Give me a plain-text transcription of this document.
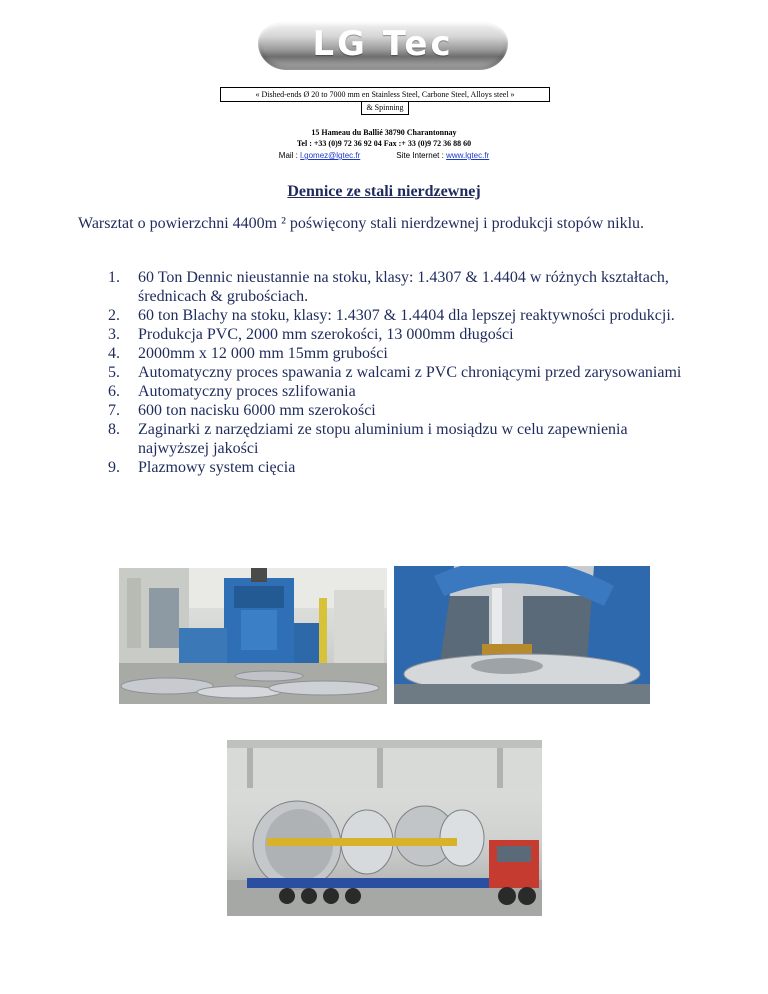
LG Tec
« Dished-ends Ø 20 to 7000 mm en Stainless Steel, Carbone Steel, Alloys steel »
& Spinning
15 Hameau du Ballié 38790 Charantonnay
Tel : +33 (0)9 72 36 92 04 Fax :+ 33 (0)9 72 36 88 60
Mail : l.gomez@lgtec.fr	Site Internet : www.lgtec.fr
Dennice ze stali nierdzewnej
Warsztat o powierzchni 4400m ² poświęcony stali nierdzewnej i produkcji stopów niklu.
1. 60 Ton Dennic nieustannie na stoku, klasy: 1.4307 & 1.4404 w różnych kształtach, średnicach & grubościach.
2. 60 ton Blachy na stoku, klasy: 1.4307 & 1.4404 dla lepszej reaktywności produkcji.
3. Produkcja PVC, 2000 mm szerokości, 13 000mm długości
4. 2000mm x 12 000 mm 15mm grubości
5. Automatyczny proces spawania z walcami z PVC chroniącymi przed zarysowaniami
6. Automatyczny proces szlifowania
7. 600 ton nacisku 6000 mm szerokości
8. Zaginarki z narzędziami ze stopu aluminium i mosiądzu w celu zapewnienia najwyższej jakości
9. Plazmowy system cięcia
